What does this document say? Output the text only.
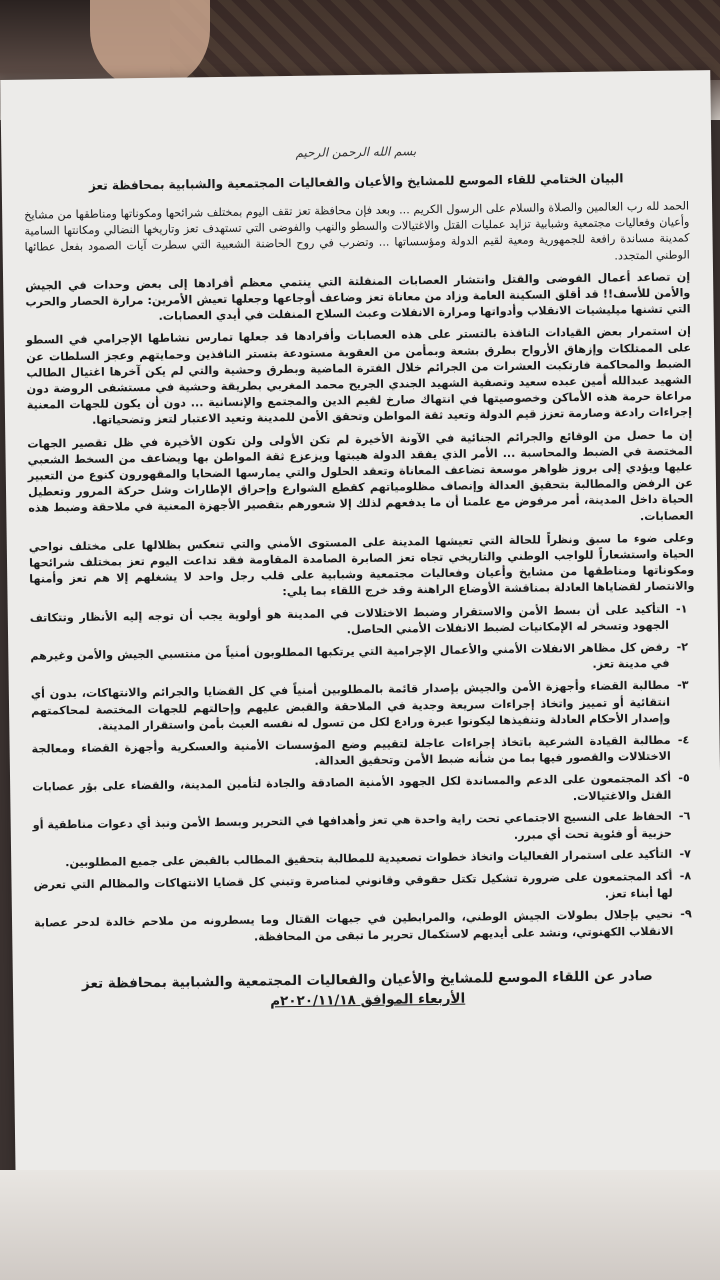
بسم الله الرحمن الرحيم
البيان الختامي للقاء الموسع للمشايخ والأعيان والفعاليات المجتمعية والشبابية بمحافظة تعز

الحمد لله رب العالمين والصلاة والسلام على الرسول الكريم ... وبعد فإن محافظة تعز تقف اليوم بمختلف شرائحها ومكوناتها ومناطقها من مشايخ وأعيان وفعاليات مجتمعية وشبابية تزايد عمليات القتل والاغتيالات والسطو والنهب والفوضى التي تستهدف تعز وتاريخها النضالي ومكانتها السامية كمدينة مساندة رافعة للجمهورية ومعية لقيم الدولة ومؤسساتها ... وتضرب في روح الحاضنة الشعبية التي سطرت آيات الصمود بفعل عطائها الوطني المتجدد.

إن تصاعد أعمال الفوضى والقتل وانتشار العصابات المنفلتة التي ينتمي معظم أفرادها إلى بعض وحدات في الجيش والأمن للأسف!! قد أقلق السكينة العامة وزاد من معاناة تعز وضاعف أوجاعها وجعلها تعيش الأمرين: مرارة الحصار والحرب التي تشنها ميليشيات الانقلاب وأدواتها ومرارة الانفلات وعبث السلاح المنفلت في أيدي العصابات.

إن استمرار بعض القيادات النافذة بالتستر على هذه العصابات وأفرادها قد جعلها تمارس نشاطها الإجرامي في السطو على الممتلكات وإزهاق الأرواح بطرق بشعة وبمأمن من العقوبة مستودعة بتستر النافذين وحمايتهم وعجز السلطات عن الضبط والمحاكمة فارتكبت العشرات من الجرائم خلال الفترة الماضية وبطرق وحشية والتي لم يكن آخرها اغتيال الطالب الشهيد عبدالله أمين عبده سعيد وتصفية الشهيد الجندي الجريح محمد المغربي بطريقة وحشية في مستشفى الروضة دون مراعاة حرمة هذه الأماكن وخصوصيتها في انتهاك صارخ لقيم الدين والمجتمع والإنسانية ... دون أن يكون للجهات المعنية إجراءات رادعة وصارمة تعزز قيم الدولة وتعيد ثقة المواطن وتحقق الأمن للمدينة وتعيد الاعتبار لتعز وتضحياتها.

إن ما حصل من الوقائع والجرائم الجنائية في الآونة الأخيرة لم تكن الأولى ولن تكون الأخيرة في ظل تقصير الجهات المختصة في الضبط والمحاسبة ... الأمر الذي يفقد الدولة هيبتها ويزعزع ثقة المواطن بها ويضاعف من السخط الشعبي عليها ويؤدي إلى بروز ظواهر موسعة تضاعف المعاناة وتعقد الحلول والتي يمارسها الضحايا والمقهورون كنوع من التعبير عن الرفض والمطالبة بتحقيق العدالة وإنصاف مظلومياتهم كقطع الشوارع وإحراق الإطارات وشل حركة المرور وتعطيل الحياة داخل المدينة، أمر مرفوض مع علمنا أن ما يدفعهم لذلك إلا شعورهم بتقصير الأجهزة المعنية في ملاحقة وضبط هذه العصابات.

وعلى ضوء ما سبق ونظراً للحالة التي تعيشها المدينة على المستوى الأمني والتي تنعكس بظلالها على مختلف نواحي الحياة واستشعاراً للواجب الوطني والتاريخي تجاه تعز الصابرة الصامدة المقاومة فقد تداعت اليوم تعز بمختلف شرائحها ومكوناتها ومناطقها من مشايخ وأعيان وفعاليات مجتمعية وشبابية على قلب رجل واحد لا يشغلهم إلا هم تعز وأمنها والانتصار لقضاياها العادلة بمناقشة الأوضاع الراهنة وقد خرج اللقاء بما يلي:

١-
التأكيد على أن بسط الأمن والاستقرار وضبط الاختلالات في المدينة هو أولوية يجب أن توجه إليه الأنظار وتتكاتف الجهود وتسخر له الإمكانيات لضبط الانفلات الأمني الحاصل.
٢-
رفض كل مظاهر الانفلات الأمني والأعمال الإجرامية التي يرتكبها المطلوبون أمنياً من منتسبي الجيش والأمن وغيرهم في مدينة تعز.
٣-
مطالبة القضاء وأجهزة الأمن والجيش بإصدار قائمة بالمطلوبين أمنياً في كل القضايا والجرائم والانتهاكات، بدون أي انتقائية أو تمييز واتخاذ إجراءات سريعة وجدية في الملاحقة والقبض عليهم وإحالتهم للجهات المختصة لمحاكمتهم وإصدار الأحكام العادلة وتنفيذها ليكونوا عبرة ورادع لكل من تسول له نفسه العبث بأمن واستقرار المدينة.
٤-
مطالبة القيادة الشرعية باتخاذ إجراءات عاجلة لتقييم وضع المؤسسات الأمنية والعسكرية وأجهزة القضاء ومعالجة الاختلالات والقصور فيها بما من شأنه ضبط الأمن وتحقيق العدالة.
٥-
أكد المجتمعون على الدعم والمساندة لكل الجهود الأمنية الصادقة والجادة لتأمين المدينة، والقضاء على بؤر عصابات القتل والاغتيالات.
٦-
الحفاظ على النسيج الاجتماعي تحت راية واحدة هي تعز وأهدافها في التحرير وبسط الأمن ونبذ أي دعوات مناطقية أو حزبية أو فئوية تحت أي مبرر.
٧-
التأكيد على استمرار الفعاليات واتخاذ خطوات تصعيدية للمطالبة بتحقيق المطالب بالقبض على جميع المطلوبين.
٨-
أكد المجتمعون على ضرورة تشكيل تكتل حقوقي وقانوني لمناصرة وتبني كل قضايا الانتهاكات والمظالم التي تعرض لها أبناء تعز.
٩-
نحيي بإجلال بطولات الجيش الوطني، والمرابطين في جبهات القتال وما يسطرونه من ملاحم خالدة لدحر عصابة الانقلاب الكهنوتي، ونشد على أيديهم لاستكمال تحرير ما تبقى من المحافظة.
صادر عن اللقاء الموسع للمشايخ والأعيان والفعاليات المجتمعية والشبابية بمحافظة تعز
الأربعاء الموافق ٢٠٢٠/١١/١٨م
